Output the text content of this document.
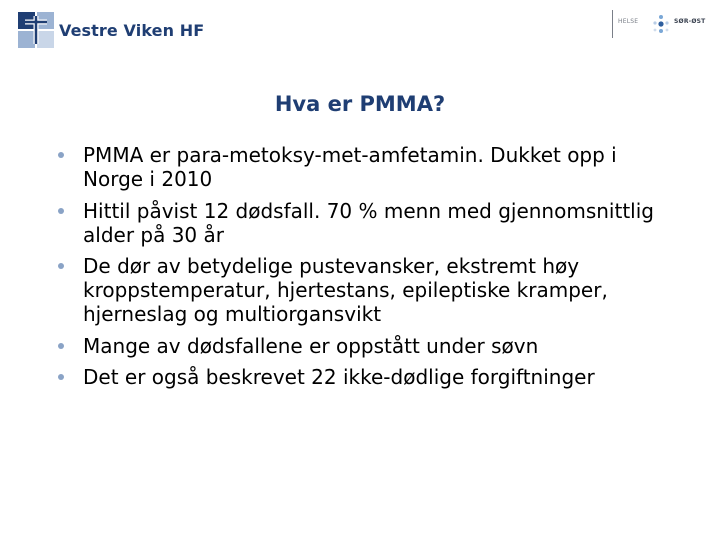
Vestre Viken HF	HELSE	SØR-ØST
Hva er PMMA?
PMMA er para-metoksy-met-amfetamin. Dukket opp i Norge i 2010
Hittil påvist 12 dødsfall. 70 % menn med gjennomsnittlig alder på 30 år
De dør av betydelige pustevansker, ekstremt høy kroppstemperatur, hjertestans, epileptiske kramper, hjerneslag og multiorgansvikt
Mange av dødsfallene er oppstått under søvn
Det er også beskrevet 22 ikke-dødlige forgiftninger
